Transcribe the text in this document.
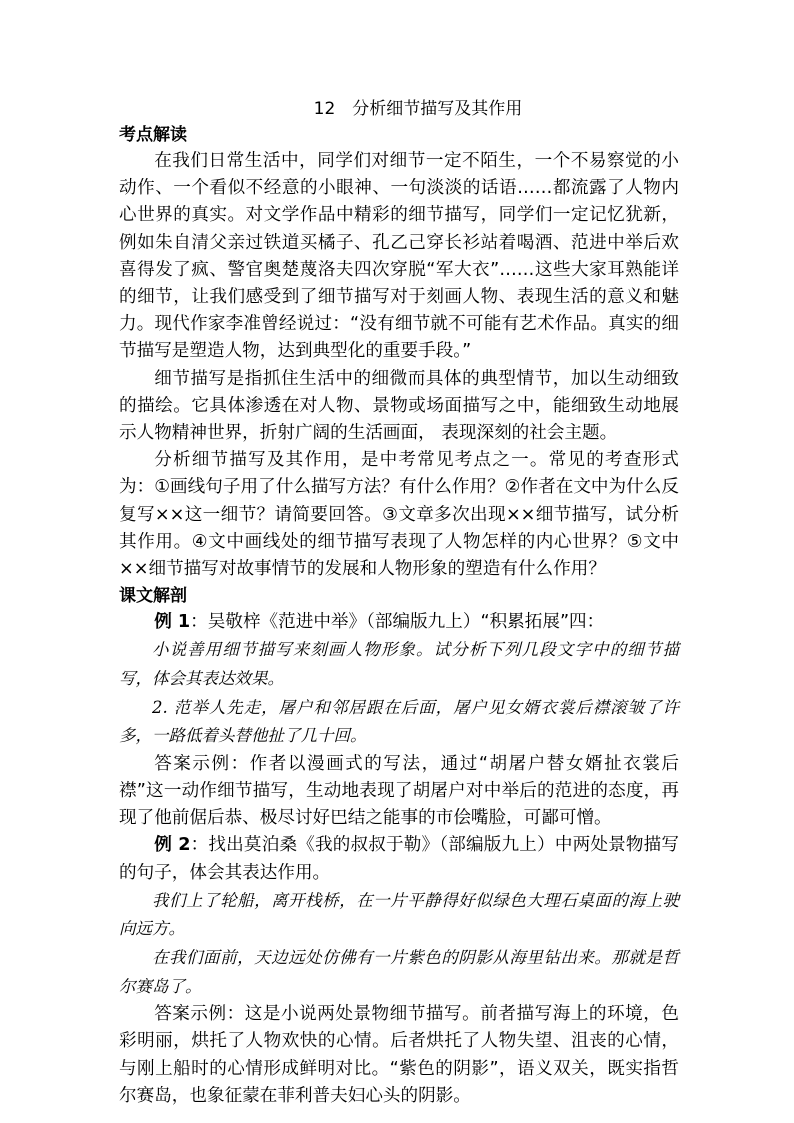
12　分析细节描写及其作用

考点解读

在我们日常生活中，同学们对细节一定不陌生，一个不易察觉的小动作、一个看似不经意的小眼神、一句淡淡的话语……都流露了人物内心世界的真实。对文学作品中精彩的细节描写，同学们一定记忆犹新，例如朱自清父亲过铁道买橘子、孔乙己穿长衫站着喝酒、范进中举后欢喜得发了疯、警官奥楚蔑洛夫四次穿脱“军大衣”……这些大家耳熟能详的细节，让我们感受到了细节描写对于刻画人物、表现生活的意义和魅力。现代作家李准曾经说过：“没有细节就不可能有艺术作品。真实的细节描写是塑造人物，达到典型化的重要手段。”

细节描写是指抓住生活中的细微而具体的典型情节，加以生动细致的描绘。它具体渗透在对人物、景物或场面描写之中，能细致生动地展示人物精神世界，折射广阔的生活画面， 表现深刻的社会主题。

分析细节描写及其作用，是中考常见考点之一。常见的考查形式为：①画线句子用了什么描写方法？有什么作用？②作者在文中为什么反复写××这一细节？请简要回答。③文章多次出现××细节描写，试分析其作用。④文中画线处的细节描写表现了人物怎样的内心世界？⑤文中××细节描写对故事情节的发展和人物形象的塑造有什么作用？

课文解剖

例 1：吴敬梓《范进中举》（部编版九上）“积累拓展”四：

小说善用细节描写来刻画人物形象。试分析下列几段文字中的细节描写，体会其表达效果。

2. 范举人先走，屠户和邻居跟在后面，屠户见女婿衣裳后襟滚皱了许多，一路低着头替他扯了几十回。

答案示例：作者以漫画式的写法，通过“胡屠户替女婿扯衣裳后襟”这一动作细节描写，生动地表现了胡屠户对中举后的范进的态度，再现了他前倨后恭、极尽讨好巴结之能事的市侩嘴脸，可鄙可憎。

例 2：找出莫泊桑《我的叔叔于勒》（部编版九上）中两处景物描写的句子，体会其表达作用。

我们上了轮船，离开栈桥，在一片平静得好似绿色大理石桌面的海上驶向远方。

在我们面前，天边远处仿佛有一片紫色的阴影从海里钻出来。那就是哲尔赛岛了。

答案示例：这是小说两处景物细节描写。前者描写海上的环境，色彩明丽，烘托了人物欢快的心情。后者烘托了人物失望、沮丧的心情，与刚上船时的心情形成鲜明对比。“紫色的阴影”，语义双关，既实指哲尔赛岛，也象征蒙在菲利普夫妇心头的阴影。
